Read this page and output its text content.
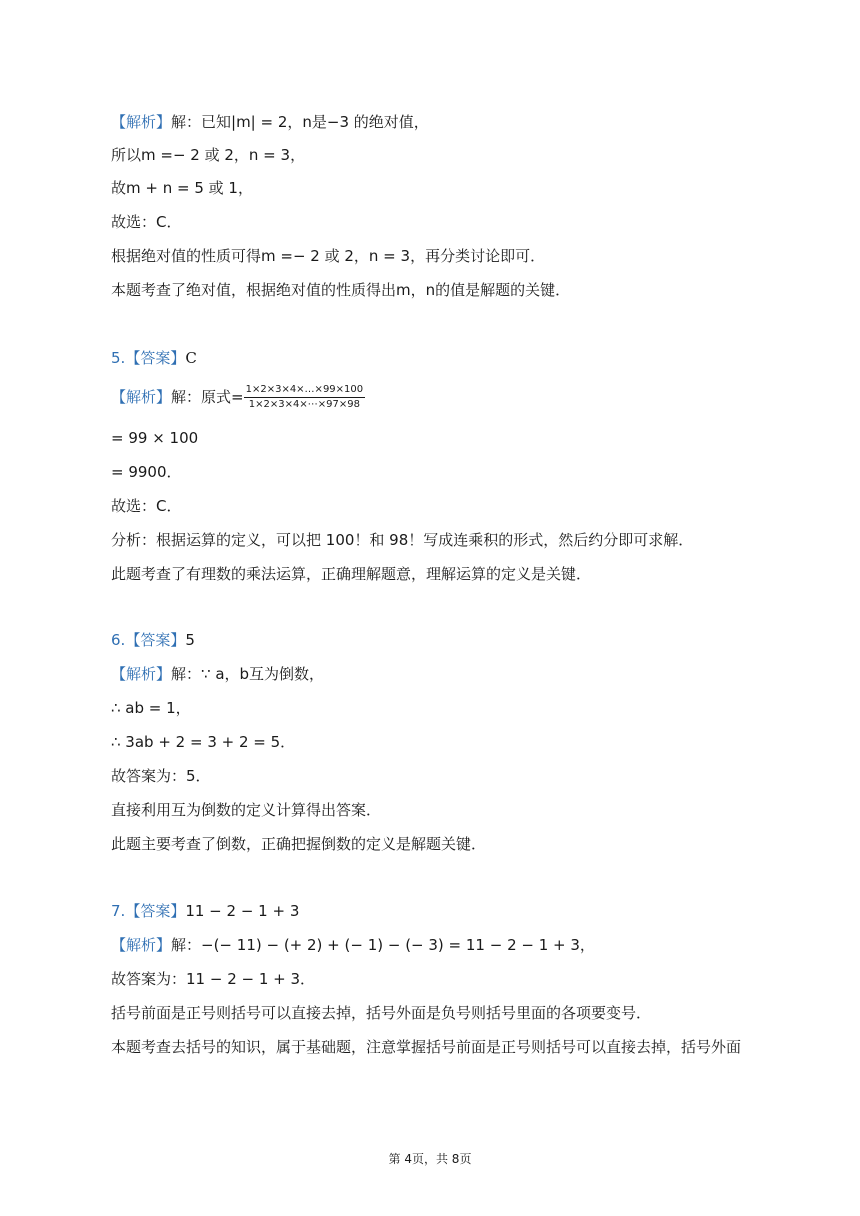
【解析】解：已知|m| = 2，n是−3 的绝对值，
所以m =− 2 或 2，n = 3，
故m + n = 5 或 1，
故选：C．
根据绝对值的性质可得m =− 2 或 2，n = 3，再分类讨论即可．
本题考查了绝对值，根据绝对值的性质得出m，n的值是解题的关键．
5.【答案】C
【解析】解：原式= $\frac{1\times 2\times 3\times 4\times\dots\times 99\times 100}{1\times 2\times 3\times 4\times\cdots\times 97\times 98}$
= 99 × 100
= 9900．
故选：C．
分析：根据运算的定义，可以把 100！和 98！写成连乘积的形式，然后约分即可求解．
此题考查了有理数的乘法运算，正确理解题意，理解运算的定义是关键．
6.【答案】5
【解析】解：∵ a，b互为倒数，
∴ ab = 1，
∴ 3ab + 2 = 3 + 2 = 5．
故答案为：5．
直接利用互为倒数的定义计算得出答案．
此题主要考查了倒数，正确把握倒数的定义是解题关键．
7.【答案】11 − 2 − 1 + 3
【解析】解：−(− 11) − (+ 2) + (− 1) − (− 3) = 11 − 2 − 1 + 3，
故答案为：11 − 2 − 1 + 3．
括号前面是正号则括号可以直接去掉，括号外面是负号则括号里面的各项要变号．
本题考查去括号的知识，属于基础题，注意掌握括号前面是正号则括号可以直接去掉，括号外面
第 4页，共 8页
